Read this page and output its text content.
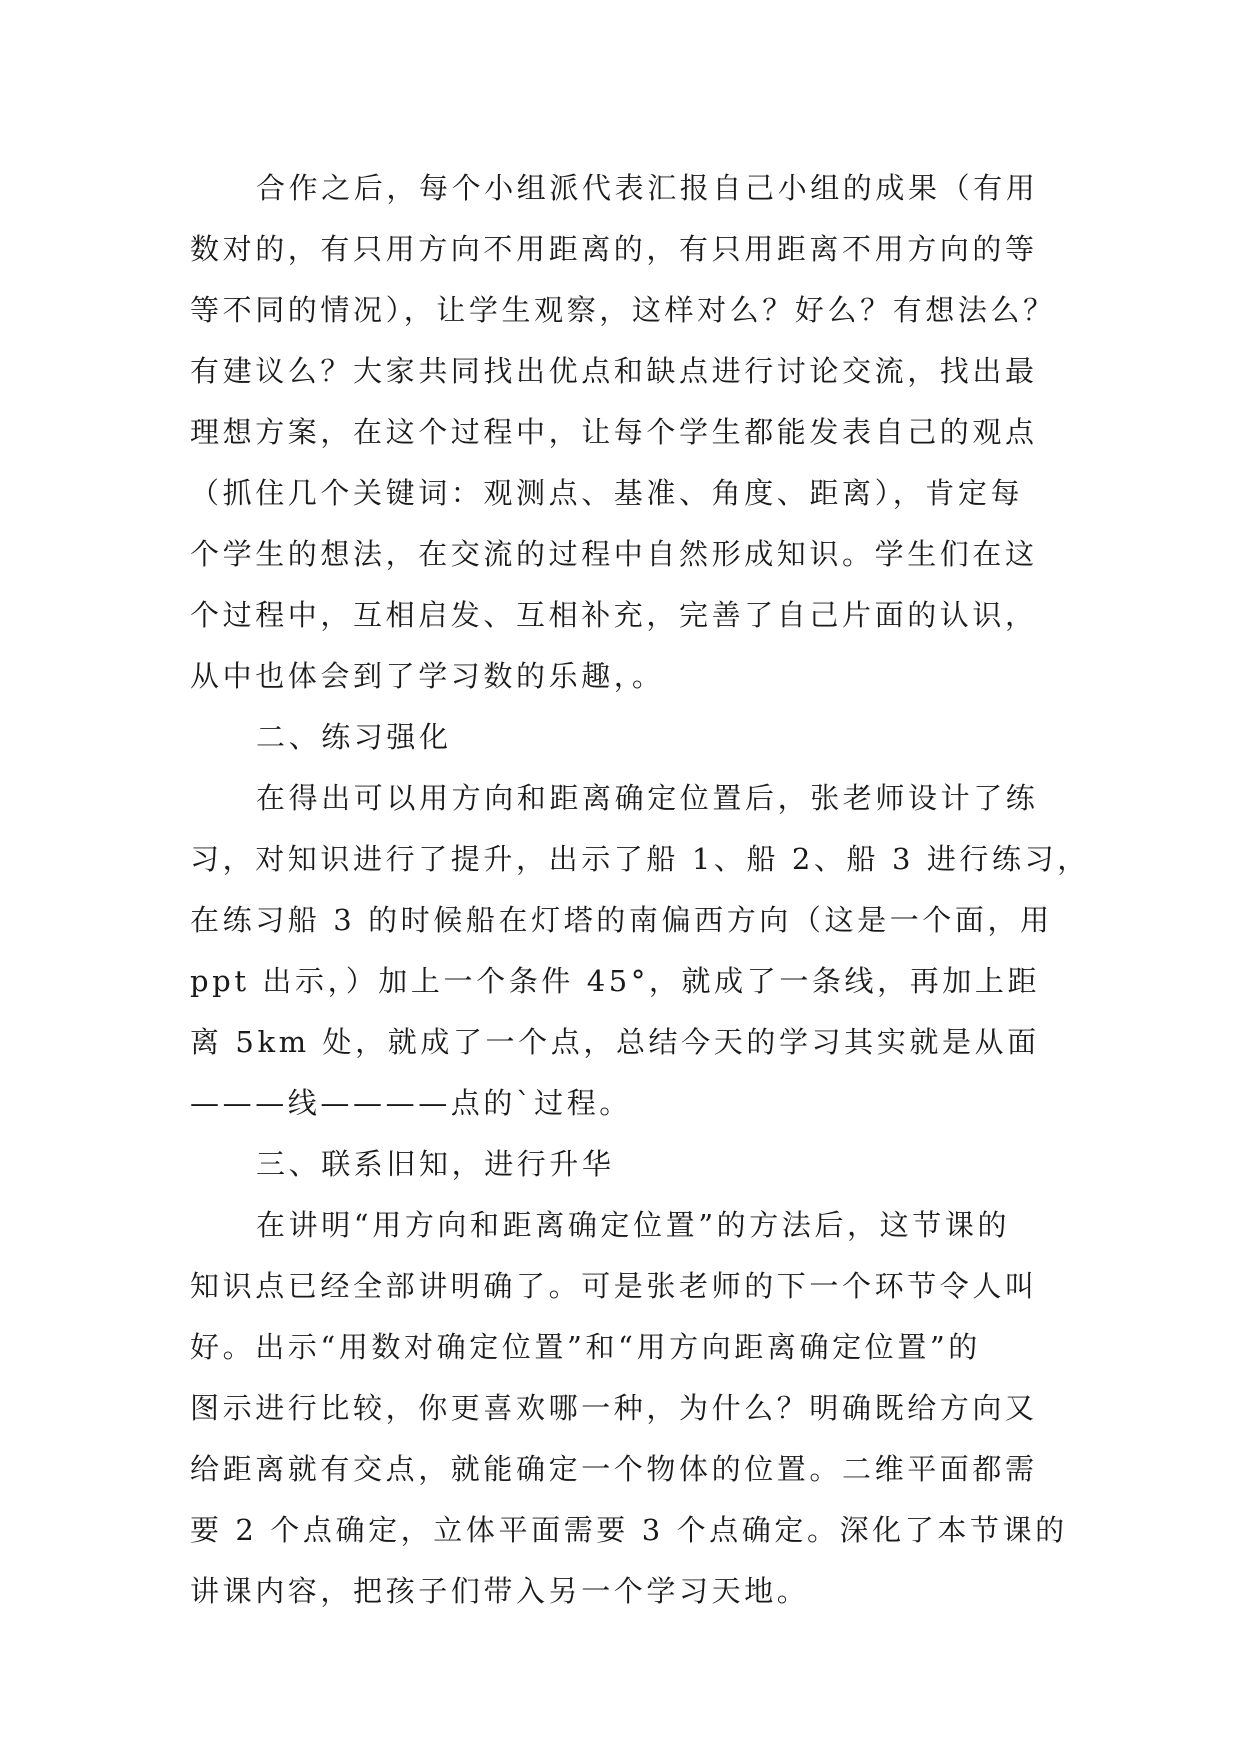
合作之后，每个小组派代表汇报自己小组的成果（有用
数对的，有只用方向不用距离的，有只用距离不用方向的等
等不同的情况），让学生观察，这样对么？好么？有想法么？
有建议么？大家共同找出优点和缺点进行讨论交流，找出最
理想方案，在这个过程中，让每个学生都能发表自己的观点
（抓住几个关键词：观测点、基准、角度、距离），肯定每
个学生的想法，在交流的过程中自然形成知识。学生们在这
个过程中，互相启发、互相补充，完善了自己片面的认识，
从中也体会到了学习数的乐趣，。
二、练习强化
在得出可以用方向和距离确定位置后，张老师设计了练
习，对知识进行了提升，出示了船 1、船 2、船 3 进行练习，
在练习船 3 的时候船在灯塔的南偏西方向（这是一个面，用
ppt 出示，）加上一个条件 45°，就成了一条线，再加上距
离 5km 处，就成了一个点，总结今天的学习其实就是从面
———线————点的`过程。
三、联系旧知，进行升华
在讲明“用方向和距离确定位置”的方法后，这节课的
知识点已经全部讲明确了。可是张老师的下一个环节令人叫
好。出示“用数对确定位置”和“用方向距离确定位置”的
图示进行比较，你更喜欢哪一种，为什么？明确既给方向又
给距离就有交点，就能确定一个物体的位置。二维平面都需
要 2 个点确定，立体平面需要 3 个点确定。深化了本节课的
讲课内容，把孩子们带入另一个学习天地。
